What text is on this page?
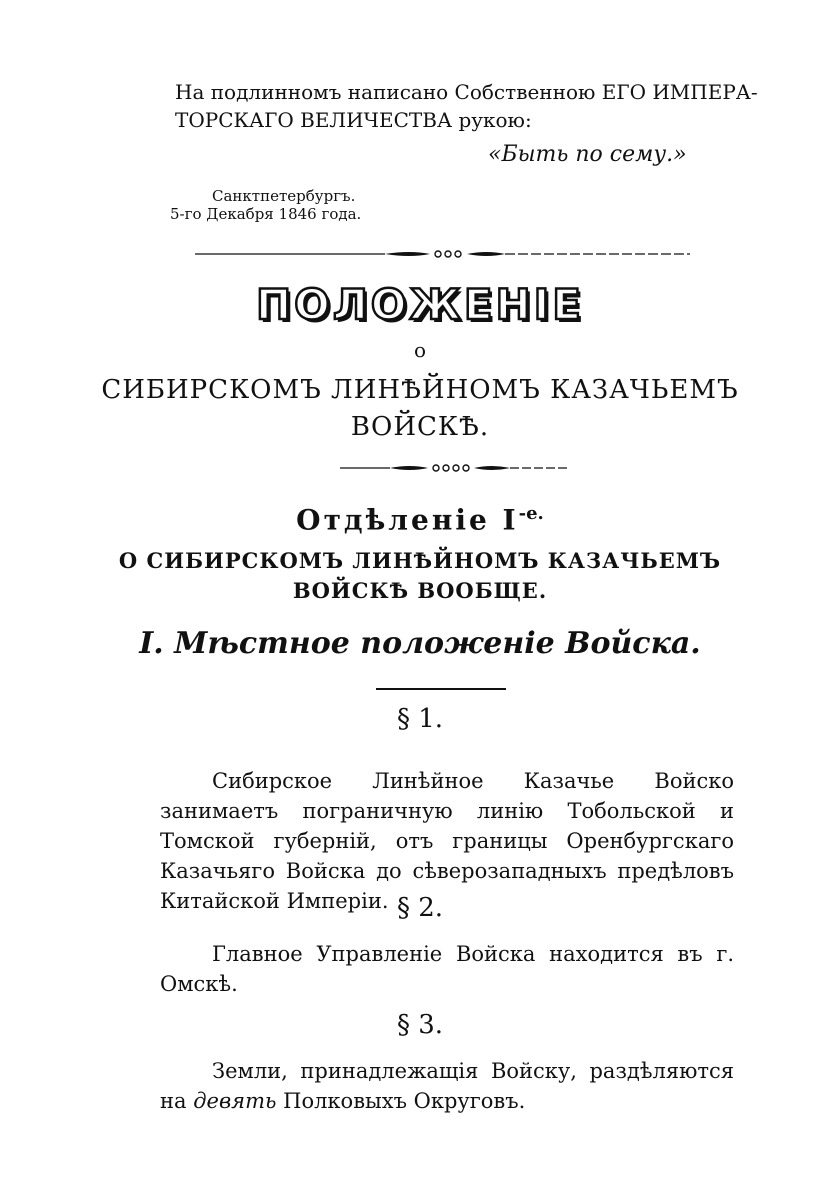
На подлинномъ написано Собственною ЕГО ИМПЕРА-

ТОРСКАГО ВЕЛИЧЕСТВА рукою:

«Быть по сему.»

Санктпетербургъ.

5-го Декабря 1846 года.

ПОЛОЖЕНІЕ

о

СИБИРСКОМЪ ЛИНѢЙНОМЪ КАЗАЧЬЕМЪ

ВОЙСКѢ.

Отдѣленіе $I^{-е.}$

О СИБИРСКОМЪ ЛИНѢЙНОМЪ КАЗАЧЬЕМЪ

ВОЙСКѢ ВООБЩЕ.

I. Мѣстное положеніе Войска.

§ 1.

Сибирское Линѣйное Казачье Войско занимаетъ пограничную линію Тобольской и Томской губерній, отъ границы Оренбургскаго Казачьяго Войска до сѣверозападныхъ предѣловъ Китайской Имперіи. § 2.

Главное Управленіе Войска находится въ г. Омскѣ.

§ 3.

Земли, принадлежащія Войску, раздѣляются на девять Полковыхъ Округовъ.
